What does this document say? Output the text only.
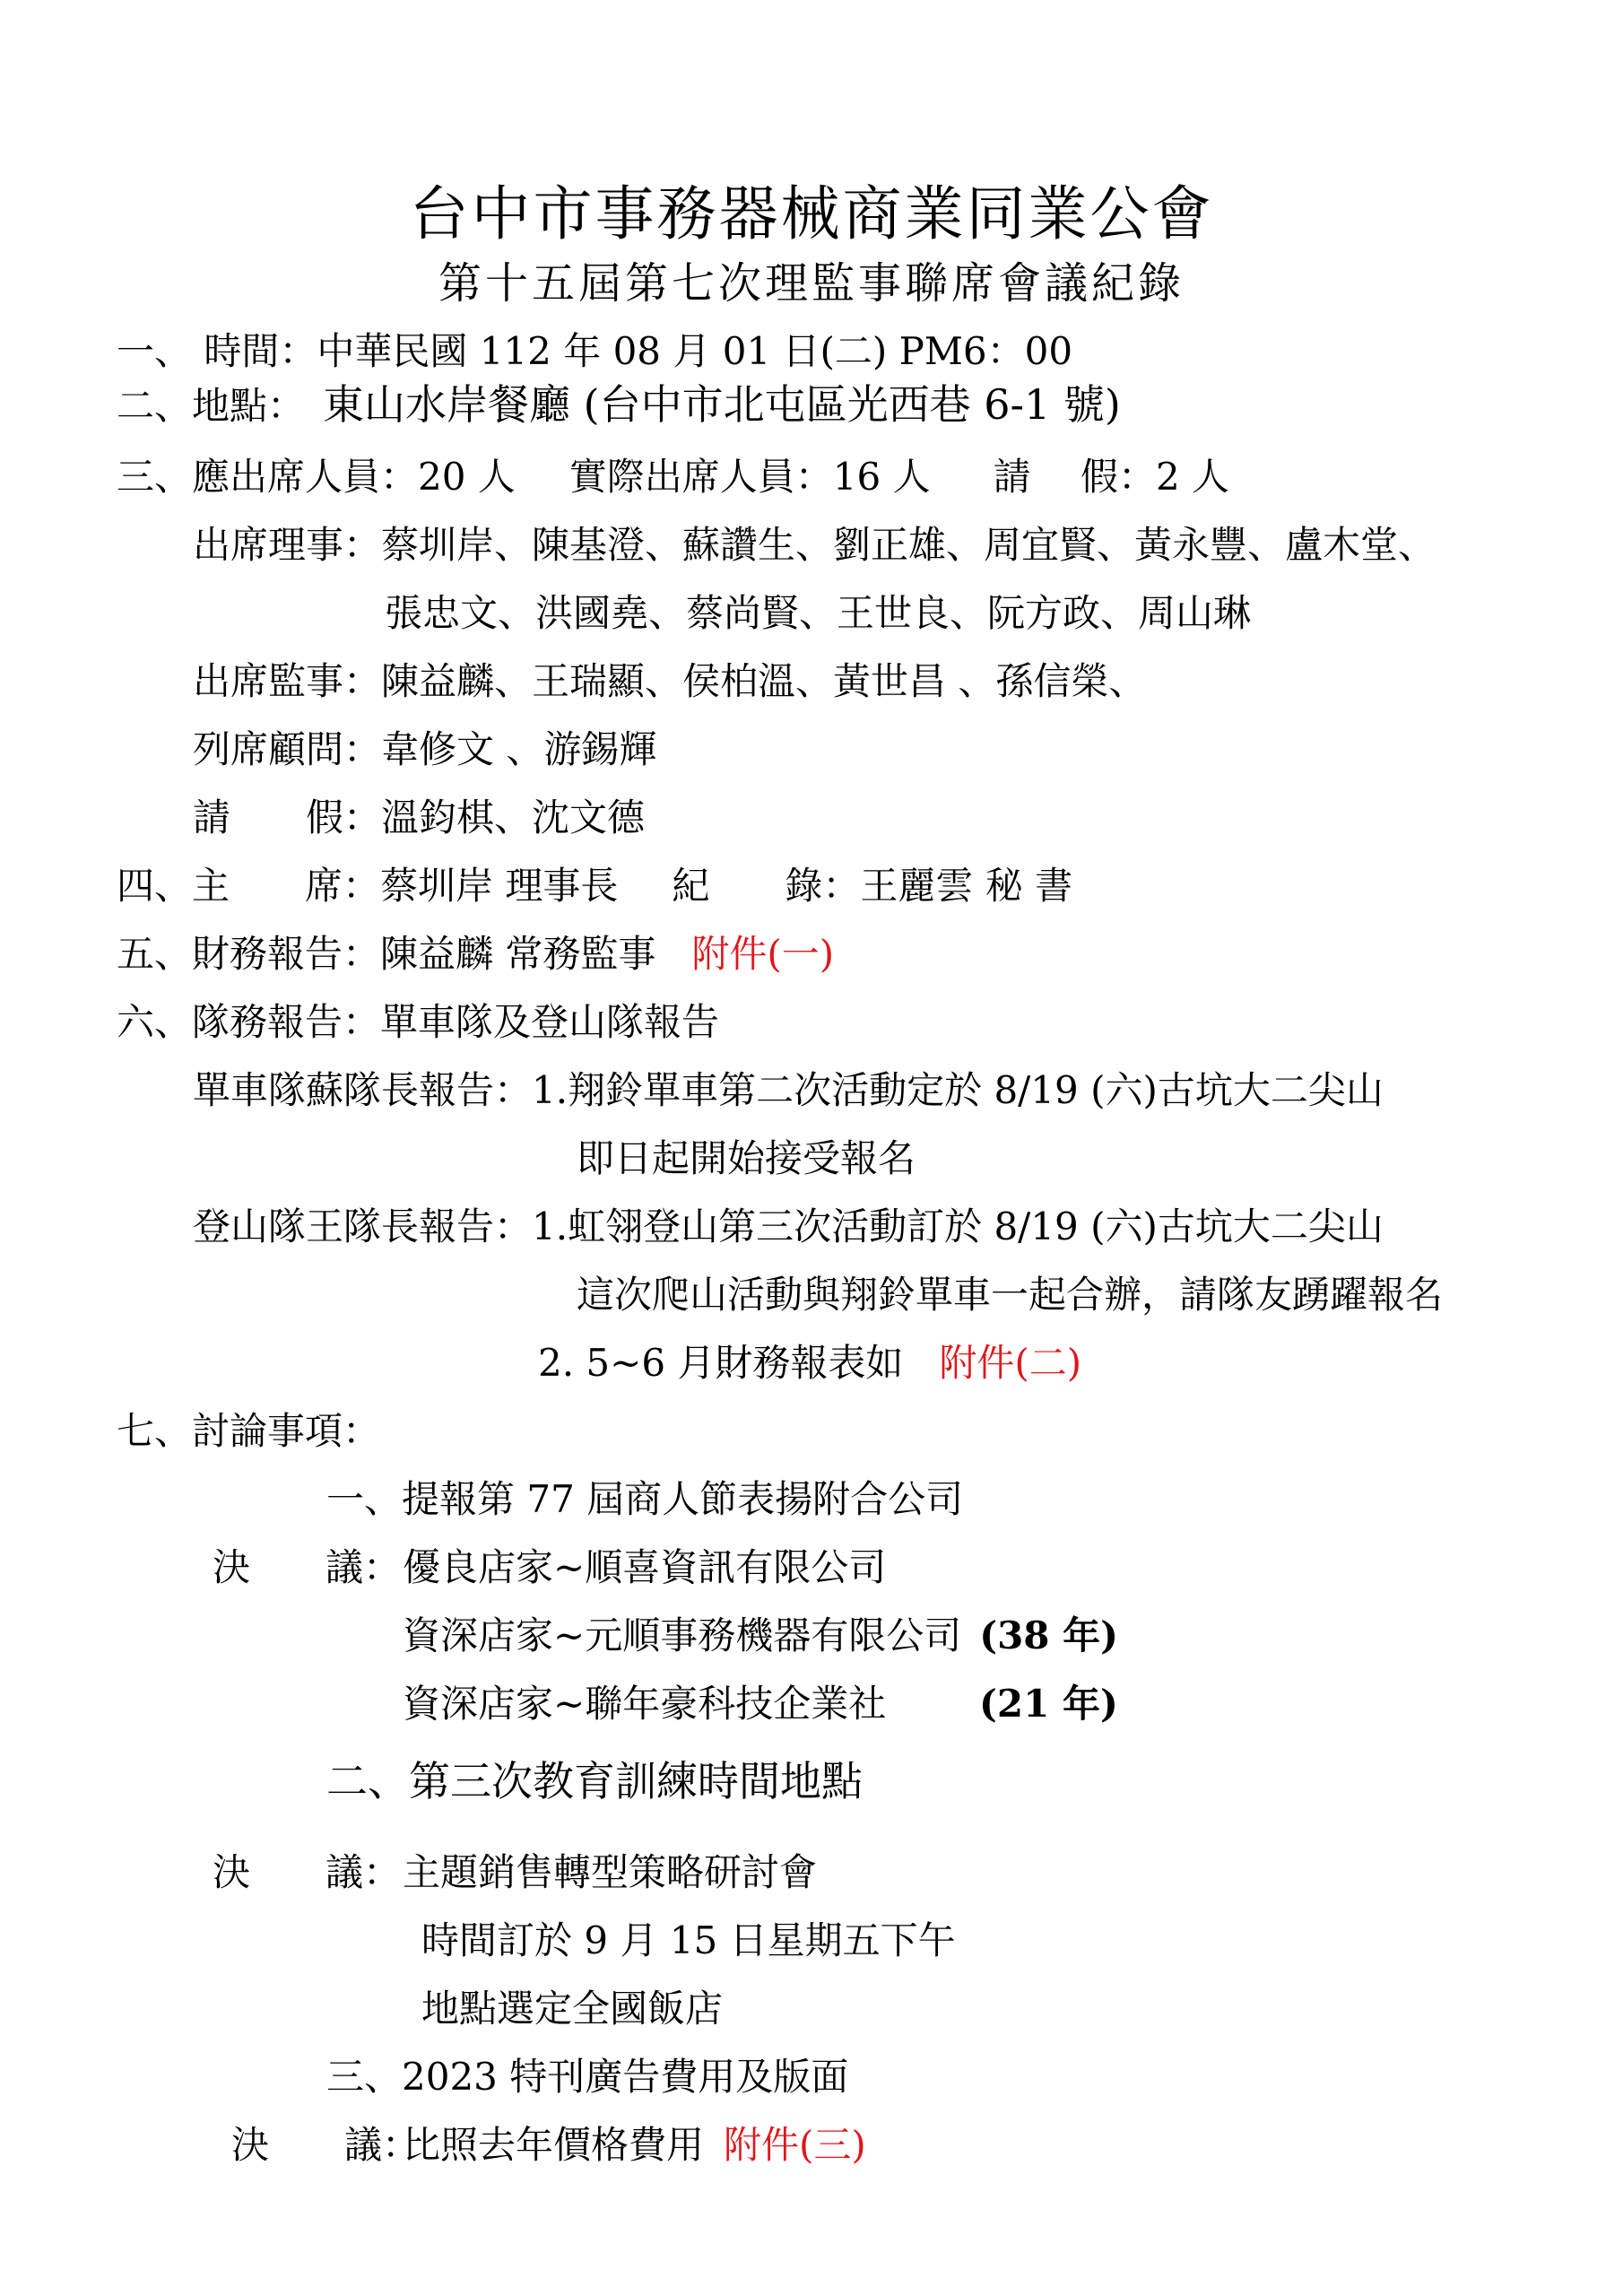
台中市事務器械商業同業公會
第十五屆第七次理監事聯席會議紀錄
一、 時間：中華民國 112 年 08 月 01 日(二) PM6：00
二、地點： 東山水岸餐廳 (台中市北屯區光西巷 6-1 號)
三、應出席人員：20 人 實際出席人員：16 人 請　 假：2 人
出席理事：蔡圳岸、陳基澄、蘇讚生、劉正雄、周宜賢、黃永豐、盧木堂、
張忠文、洪國堯、蔡尚賢、王世良、阮方政、周山琳
出席監事：陳益麟、王瑞顯、侯柏溫、黃世昌 、孫信榮、
列席顧問：韋修文 、游錫輝
請　　假：溫鈞棋、沈文德
四、主　　席：蔡圳岸 理事長 紀　　錄：王麗雲 秘 書
五、財務報告：陳益麟 常務監事 附件(一)
六、隊務報告：單車隊及登山隊報告
單車隊蘇隊長報告：1.翔鈴單車第二次活動定於 8/19 (六)古坑大二尖山
即日起開始接受報名
登山隊王隊長報告：1.虹翎登山第三次活動訂於 8/19 (六)古坑大二尖山
這次爬山活動與翔鈴單車一起合辦，請隊友踴躍報名
2. 5~6 月財務報表如 附件(二)
七、討論事項：
一、提報第 77 屆商人節表揚附合公司
決　　議：優良店家~順喜資訊有限公司
資深店家~元順事務機器有限公司 (38 年)
資深店家~聯年豪科技企業社 (21 年)
二、第三次教育訓練時間地點
決　　議：主題銷售轉型策略研討會
時間訂於 9 月 15 日星期五下午
地點選定全國飯店
三、2023 特刊廣告費用及版面
決　　議：比照去年價格費用 附件(三)
